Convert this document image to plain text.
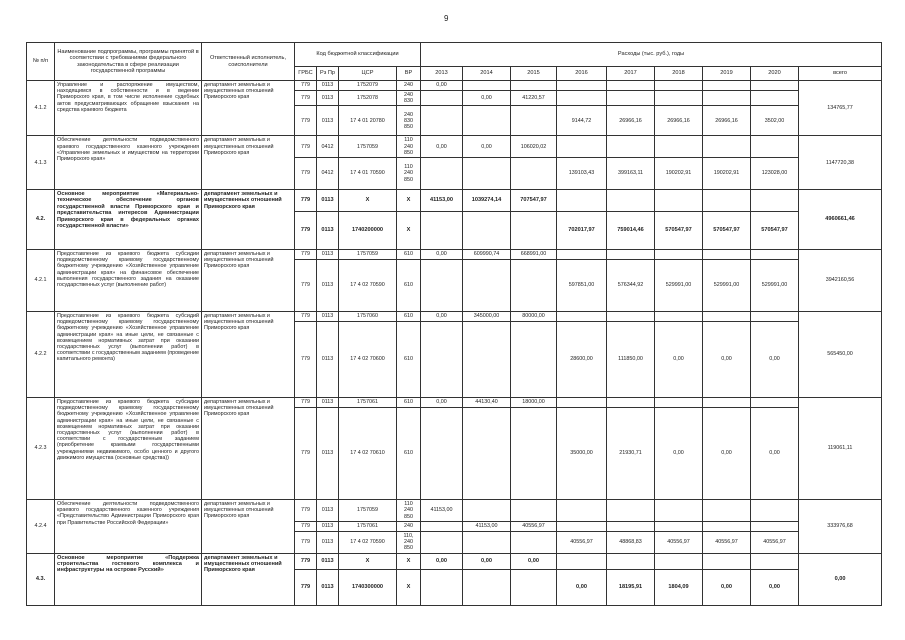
9
№ п/п	Наименование подпрограммы, программы принятой в соответствии с требованиями федерального законодательства в сфере реализации государственной программы	Ответственный исполнитель, соисполнители	Код бюджетной классификации				Расходы (тыс. руб.), годы								
			ГРБС	Рз Пр	ЦСР	ВР	2013	2014	2015	2016	2017	2018	2019	2020	всего
4.1.2	Управление и распоряжение имуществом, находящимся в собственности и в ведении Приморского края, в том числе исполнение судебных актов предусматривающих обращение взыскания на средства краевого бюджета	департамент земельных и имущественных отношений Приморского края	779	0113	1752079	240	0,00								134765,77
			779	0113	1752078	240 830		0,00	41220,57						
			779	0113	17 4 01 20780	240 830 850				9144,72	26966,16	26966,16	26966,16	3502,00	
4.1.3	Обеспечение деятельности подведомственного краевого государственного казенного учреждения «Управление земельных и имуществом на территории Приморского края»	департамент земельных и имущественных отношений Приморского края	779	0412	1757059	110 240 850	0,00	0,00	106020,02						1147720,38
			779	0412	17 4 01 70590	110 240 850				139103,43	399163,11	190202,91	190202,91	123028,00	
4.2.	Основное мероприятие «Материально-техническое обеспечение органов государственной власти Приморского края и представительства интересов Администрации Приморского края в федеральных органах государственной власти»	департамент земельных и имущественных отношений Приморского края	779	0113	Х	Х	41153,00	1039274,14	707547,97						4960661,46
			779	0113	1740200000	Х				702017,97	759014,46	570547,97	570547,97	570547,97	
4.2.1	Предоставление из краевого бюджета субсидии подведомственному краевому государственному бюджетному учреждению «Хозяйственное управление администрации края» на финансовое обеспечение выполнения государственного задания на оказание государственных услуг (выполнение работ)	департамент земельных и имущественных отношений Приморского края	779	0113	1757059	610	0,00	609990,74	668991,00						3942160,56
			779	0113	17 4 02 70590	610				597851,00	576344,92	529991,00	529991,00	529991,00	
4.2.2	Предоставление из краевого бюджета субсидий подведомственному краевому государственному бюджетному учреждению «Хозяйственное управление администрации края» на иные цели, не связанные с возмещением нормативных затрат при оказании государственных услуг (выполнении работ) в соответствии с государственным заданием (проведение капитального ремонта)	департамент земельных и имущественных отношений Приморского края	779	0113	1757060	610	0,00	345000,00	80000,00						565450,00
			779	0113	17 4 02 70600	610				28600,00	111850,00	0,00	0,00	0,00	
4.2.3	Предоставление из краевого бюджета субсидии подведомственному краевому государственному бюджетному учреждению «Хозяйственное управление администрации края» на иные цели, не связанные с возмещением нормативных затрат при оказании государственных услуг (выполнении работ) в соответствии с государственным заданием (приобретение краевыми государственными учреждениями недвижимого, особо ценного и другого движимого имущества (основные средства))	департамент земельных и имущественных отношений Приморского края	779	0113	1757061	610	0,00	44130,40	18000,00						119061,11
			779	0113	17 4 02 70610	610				35000,00	21930,71	0,00	0,00	0,00	
4.2.4	Обеспечение деятельности подведомственного краевого государственного казенного учреждения «Представительство Администрации Приморского края при Правительстве Российской Федерации»	департамент земельных и имущественных отношений Приморского края	779	0113	1757059	110 240 850	41153,00								333976,68
			779	0113	1757061	240		41153,00	40556,97						
			779	0113	17 4 02 70590	110, 240 850				40556,97	48868,83	40556,97	40556,97	40556,97	
4.3.	Основное мероприятие «Поддержка строительства гостевого комплекса и инфраструктуры на острове Русский»	департамент земельных и имущественных отношений Приморского края	779	0113	Х	Х	0,00	0,00	0,00						0,00
			779	0113	1740300000	Х				0,00	18195,91	1804,09	0,00	0,00	
